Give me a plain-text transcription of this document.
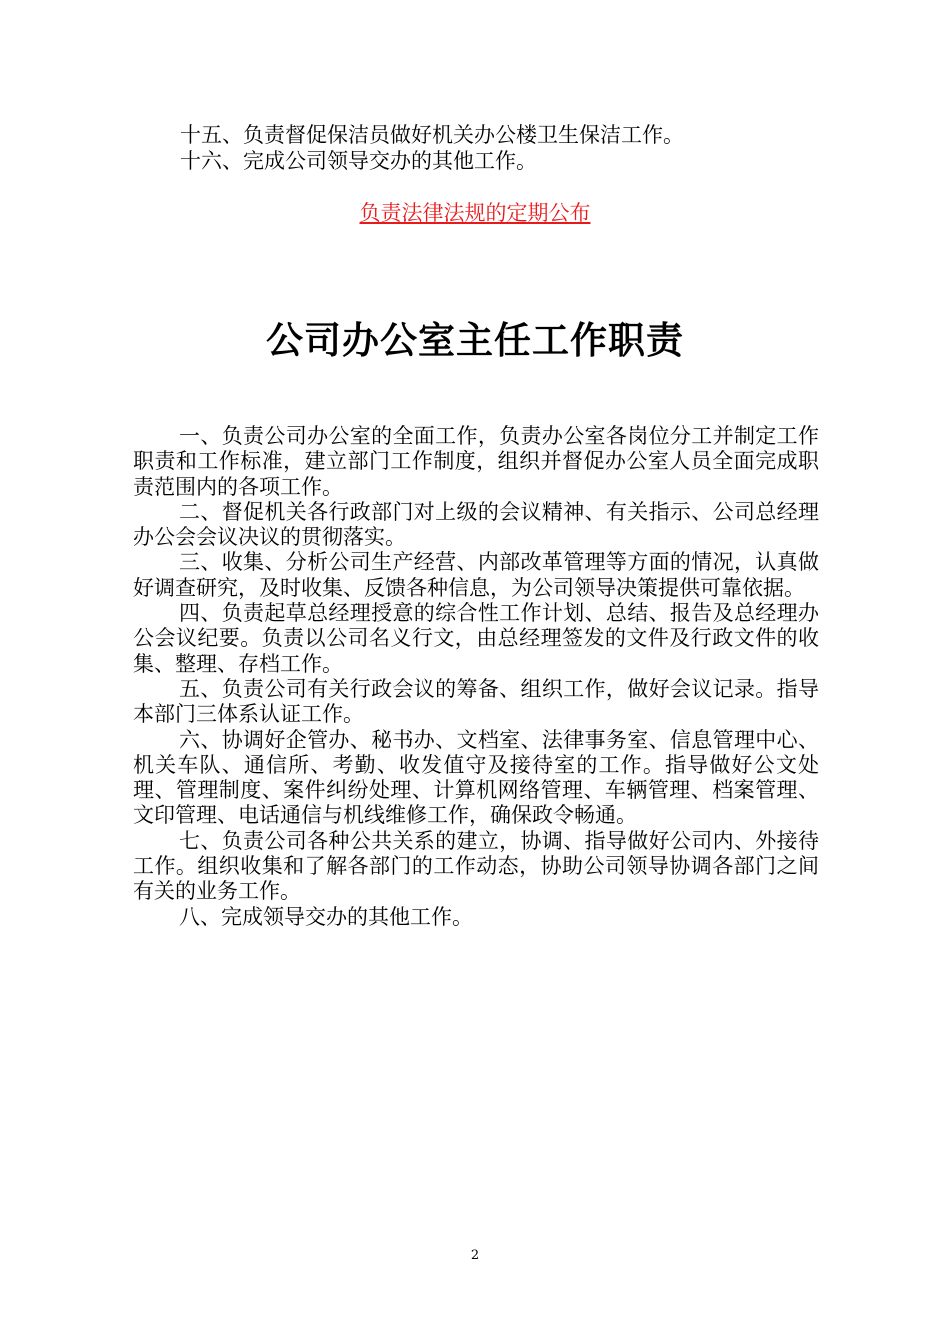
十五、负责督促保洁员做好机关办公楼卫生保洁工作。
十六、完成公司领导交办的其他工作。
负责法律法规的定期公布
公司办公室主任工作职责

一、负责公司办公室的全面工作，负责办公室各岗位分工并制定工作职责和工作标准，建立部门工作制度，组织并督促办公室人员全面完成职责范围内的各项工作。

二、督促机关各行政部门对上级的会议精神、有关指示、公司总经理办公会会议决议的贯彻落实。

三、收集、分析公司生产经营、内部改革管理等方面的情况，认真做好调查研究，及时收集、反馈各种信息，为公司领导决策提供可靠依据。

四、负责起草总经理授意的综合性工作计划、总结、报告及总经理办公会议纪要。负责以公司名义行文，由总经理签发的文件及行政文件的收集、整理、存档工作。

五、负责公司有关行政会议的筹备、组织工作，做好会议记录。指导本部门三体系认证工作。

六、协调好企管办、秘书办、文档室、法律事务室、信息管理中心、机关车队、通信所、考勤、收发值守及接待室的工作。指导做好公文处理、管理制度、案件纠纷处理、计算机网络管理、车辆管理、档案管理、文印管理、电话通信与机线维修工作，确保政令畅通。

七、负责公司各种公共关系的建立，协调、指导做好公司内、外接待工作。组织收集和了解各部门的工作动态，协助公司领导协调各部门之间有关的业务工作。

八、完成领导交办的其他工作。

2
